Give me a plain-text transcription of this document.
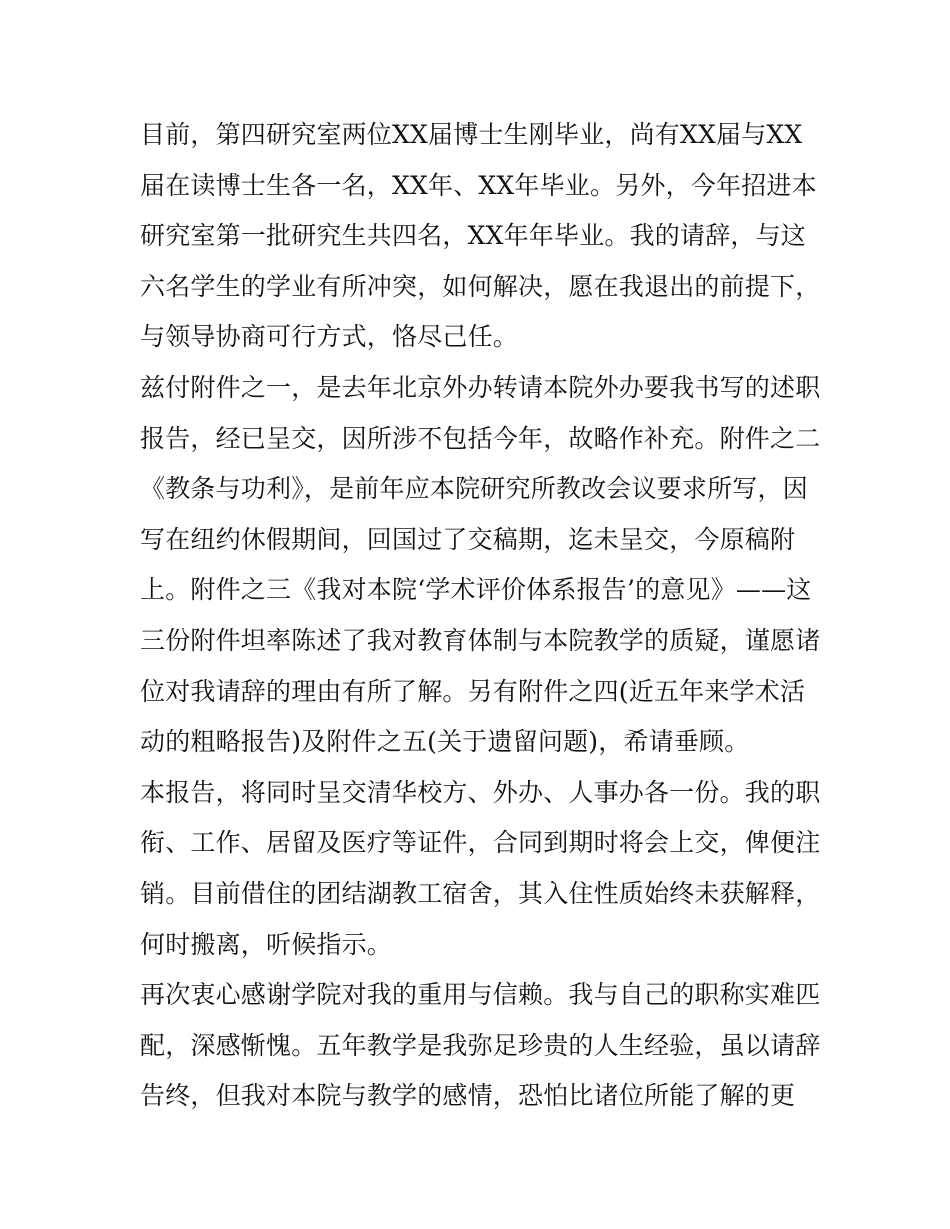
目前，第四研究室两位XX届博士生刚毕业，尚有XX届与XX
届在读博士生各一名，XX年、XX年毕业。另外，今年招进本
研究室第一批研究生共四名，XX年年毕业。我的请辞，与这
六名学生的学业有所冲突，如何解决，愿在我退出的前提下，
与领导协商可行方式，恪尽己任。
兹付附件之一，是去年北京外办转请本院外办要我书写的述职
报告，经已呈交，因所涉不包括今年，故略作补充。附件之二
《教条与功利》，是前年应本院研究所教改会议要求所写，因
写在纽约休假期间，回国过了交稿期，迄未呈交，今原稿附
上。附件之三《我对本院‘学术评价体系报告’的意见》——这
三份附件坦率陈述了我对教育体制与本院教学的质疑，谨愿诸
位对我请辞的理由有所了解。另有附件之四(近五年来学术活
动的粗略报告)及附件之五(关于遗留问题)，希请垂顾。
本报告，将同时呈交清华校方、外办、人事办各一份。我的职
衔、工作、居留及医疗等证件，合同到期时将会上交，俾便注
销。目前借住的团结湖教工宿舍，其入住性质始终未获解释，
何时搬离，听候指示。
再次衷心感谢学院对我的重用与信赖。我与自己的职称实难匹
配，深感惭愧。五年教学是我弥足珍贵的人生经验，虽以请辞
告终，但我对本院与教学的感情，恐怕比诸位所能了解的更
